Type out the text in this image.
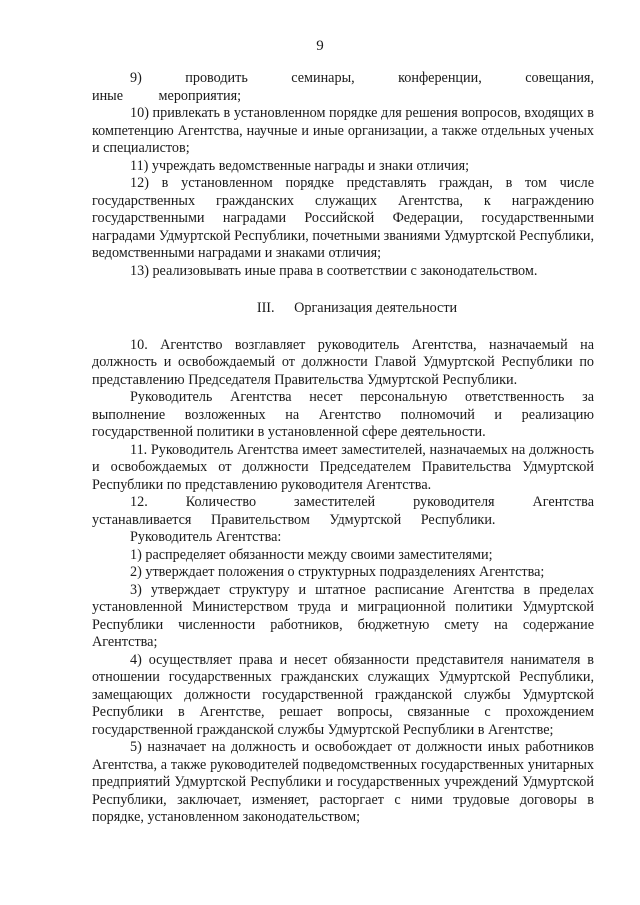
9

9) проводить семинары, конференции, совещания, иные мероприятия;

10) привлекать в установленном порядке для решения вопросов, входящих в компетенцию Агентства, научные и иные организации, а также отдельных ученых и специалистов;

11) учреждать ведомственные награды и знаки отличия;

12) в установленном порядке представлять граждан, в том числе государственных гражданских служащих Агентства, к награждению государственными наградами Российской Федерации, государственными наградами Удмуртской Республики, почетными званиями Удмуртской Республики, ведомственными наградами и знаками отличия;

13) реализовывать иные права в соответствии с законодательством.

III. Организация деятельности

10. Агентство возглавляет руководитель Агентства, назначаемый на должность и освобождаемый от должности Главой Удмуртской Республики по представлению Председателя Правительства Удмуртской Республики.

Руководитель Агентства несет персональную ответственность за выполнение возложенных на Агентство полномочий и реализацию государственной политики в установленной сфере деятельности.

11. Руководитель Агентства имеет заместителей, назначаемых на должность и освобождаемых от должности Председателем Правительства Удмуртской Республики по представлению руководителя Агентства.

12. Количество заместителей руководителя Агентства устанавливается Правительством Удмуртской Республики.

Руководитель Агентства:

1) распределяет обязанности между своими заместителями;

2) утверждает положения о структурных подразделениях Агентства;

3) утверждает структуру и штатное расписание Агентства в пределах установленной Министерством труда и миграционной политики Удмуртской Республики численности работников, бюджетную смету на содержание Агентства;

4) осуществляет права и несет обязанности представителя нанимателя в отношении государственных гражданских служащих Удмуртской Республики, замещающих должности государственной гражданской службы Удмуртской Республики в Агентстве, решает вопросы, связанные с прохождением государственной гражданской службы Удмуртской Республики в Агентстве;

5) назначает на должность и освобождает от должности иных работников Агентства, а также руководителей подведомственных государственных унитарных предприятий Удмуртской Республики и государственных учреждений Удмуртской Республики, заключает, изменяет, расторгает с ними трудовые договоры в порядке, установленном законодательством;
